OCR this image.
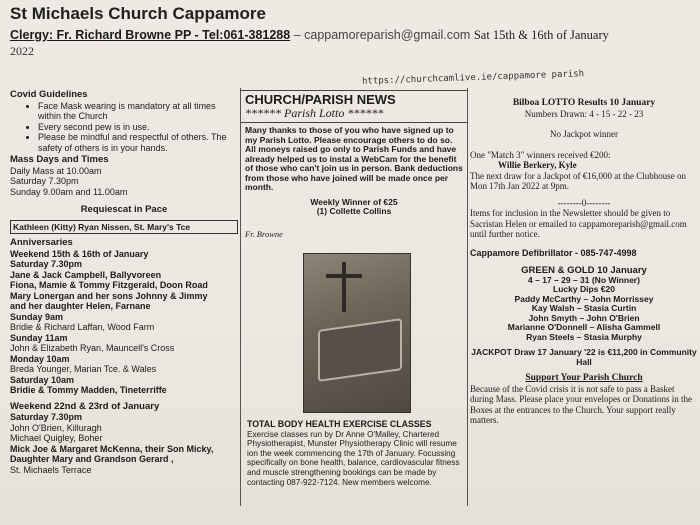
St Michaels Church Cappamore
Clergy: Fr. Richard Browne PP - Tel:061-381288 – cappamoreparish@gmail.com Sat 15th & 16th of January
2022
https://churchcamlive.ie/cappamore parish
Covid Guidelines
• Face Mask wearing is mandatory at all times within the Church
• Every second pew is in use.
• Please be mindful and respectful of others. The safety of others is in your hands.
Mass Days and Times
Daily Mass at 10.00am
Saturday 7.30pm
Sunday 9.00am and 11.00am
Requiescat in Pace
Kathleen (Kitty) Ryan Nissen, St. Mary's Tce
Anniversaries
Weekend 15th & 16th of January
Saturday 7.30pm
Jane & Jack Campbell, Ballyvoreen
Fiona, Mamie & Tommy Fitzgerald, Doon Road
Mary Lonergan and her sons Johnny & Jimmy
and her daughter Helen, Farnane
Sunday 9am
Bridie & Richard Laffan, Wood Farm
Sunday 11am
John & Elizabeth Ryan, Mauncell's Cross
Monday 10am
Breda Younger, Marian Tce. & Wales
Saturday 10am
Bridie & Tommy Madden, Tineterriffe
Weekend 22nd & 23rd of January
Saturday 7.30pm
John O'Brien, Killuragh
Michael Quigley, Boher
Mick Joe & Margaret McKenna, their Son Micky,
Daughter Mary and Grandson Gerard ,
St. Michaels Terrace
CHURCH/PARISH NEWS
****** Parish Lotto ******
Many thanks to those of you who have signed up to my Parish Lotto. Please encourage others to do so. All moneys raised go only to Parish Funds and have already helped us to instal a WebCam for the benefit of those who can't join us in person. Bank deductions from those who have joined will be made once per month.
Weekly Winner of €25
(1) Collette Collins
Fr. Browne
TOTAL BODY HEALTH EXERCISE CLASSES
Exercise classes run by Dr Anne O'Malley, Chartered Physiotherapist, Munster Physiotherapy Clinic will resume ion the week commencing the 17th of January. Focussing specifically on bone health, balance, cardiovascular fitness and muscle strengthening bookings can be made by contacting 087-922-7124. New members welcome.
Bilboa LOTTO Results 10 January
Numbers Drawn: 4 - 15 - 22 - 23
No Jackpot winner
One "Match 3" winners received €200:
Willie Berkery, Kyle
The next draw for a Jackpot of €16,000 at the Clubhouse on Mon 17th Jan 2022 at 9pm.
--------0--------
Items for inclusion in the Newsletter should be given to Sacristan Helen or emailed to cappamoreparish@gmail.com until further notice.
Cappamore Defibrillator - 085-747-4998
GREEN & GOLD 10 January
4 – 17 – 29 – 31 (No Winner)
Lucky Dips €20
Paddy McCarthy – John Morrissey
Kay Walsh – Stasia Curtin
John Smyth – John O'Brien
Marianne O'Donnell – Alisha Gammell
Ryan Steels – Stasia Murphy
JACKPOT Draw 17 January '22 is €11,200 in Community Hall
Support Your Parish Church
Because of the Covid crisis it is not safe to pass a Basket during Mass. Please place your envelopes or Donations in the Boxes at the entrances to the Church. Your support really matters.
